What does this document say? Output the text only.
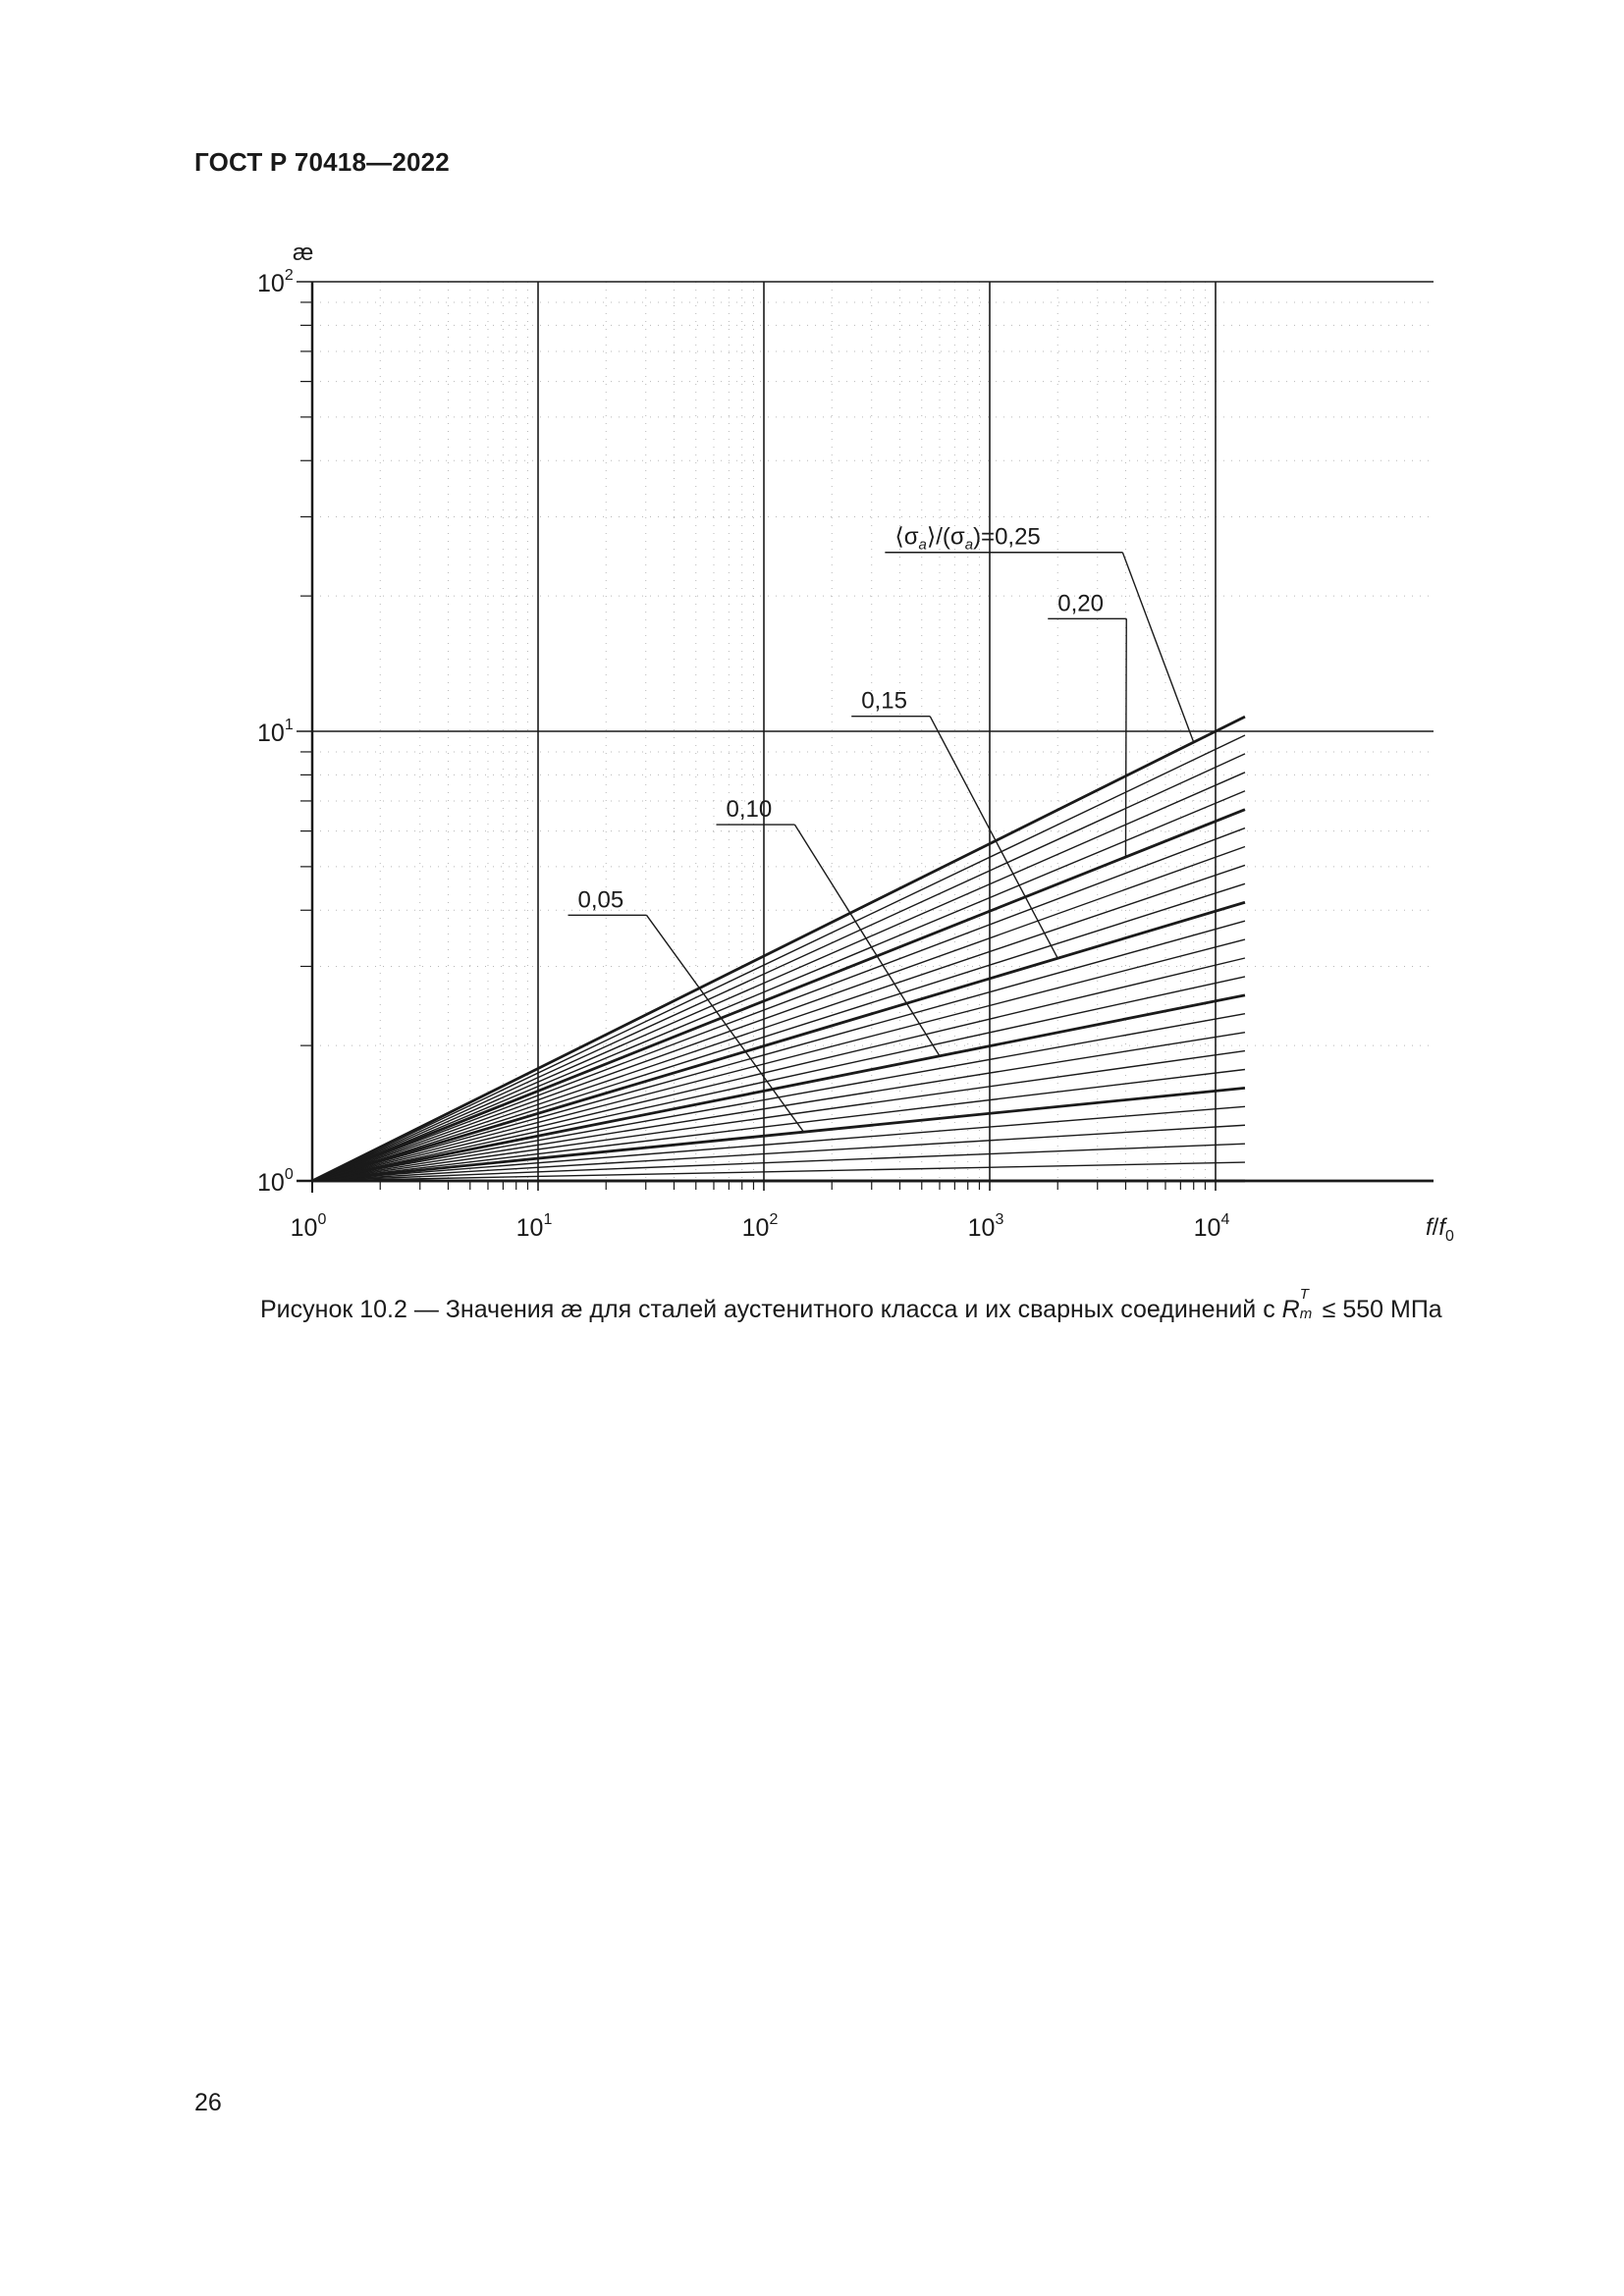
ГОСТ Р 70418—2022
$⟨\sigma_a⟩/(\sigma_a)=0,25$
0,20
0,15
0,10
0,05
$10^0$	$10^1$	$10^2$	$10^3$	$10^4$
$10^0$
$10^1$
$10^2$
æ
$f/f_0$
Рисунок 10.2 — Значения æ для сталей аустенитного класса и их сварных соединений с R
T
m ≤ 550 МПа
26
